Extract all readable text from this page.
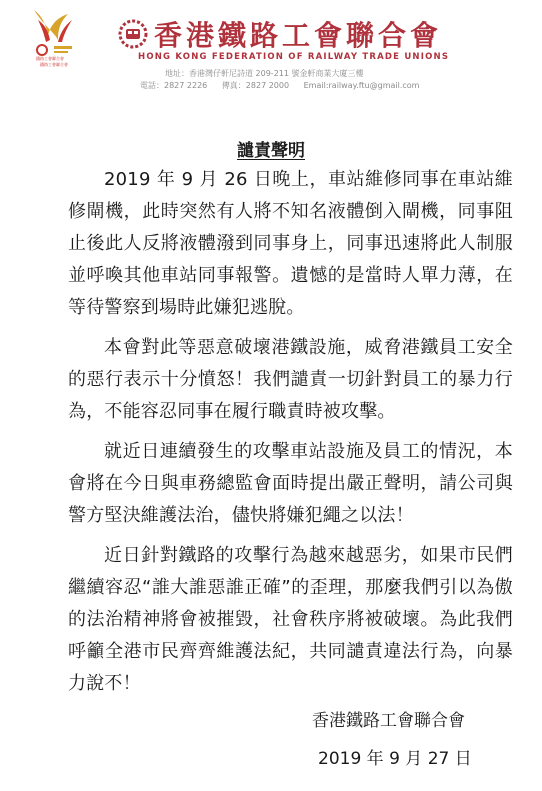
鐵路工會聯合會
鐵路工會聯合會
香港鐵路工會聯合會
HONG KONG FEDERATION OF RAILWAY TRADE UNIONS
地址：香港灣仔軒尼詩道 209-211 號金軒商業大廈三樓
電話：2827 2226 傳真：2827 2000 Email:railway.ftu@gmail.com
譴責聲明

2019 年 9 月 26 日晚上，車站維修同事在車站維修閘機，此時突然有人將不知名液體倒入閘機，同事阻止後此人反將液體潑到同事身上，同事迅速將此人制服並呼喚其他車站同事報警。遺憾的是當時人單力薄，在等待警察到場時此嫌犯逃脫。

本會對此等惡意破壞港鐵設施，威脅港鐵員工安全的惡行表示十分憤怒！我們譴責一切針對員工的暴力行為，不能容忍同事在履行職責時被攻擊。

就近日連續發生的攻擊車站設施及員工的情況，本會將在今日與車務總監會面時提出嚴正聲明，請公司與警方堅決維護法治，儘快將嫌犯繩之以法！

近日針對鐵路的攻擊行為越來越惡劣，如果市民們繼續容忍“誰大誰惡誰正確”的歪理，那麼我們引以為傲的法治精神將會被摧毀，社會秩序將被破壞。為此我們呼籲全港市民齊齊維護法紀，共同譴責違法行為，向暴力說不！

香港鐵路工會聯合會
2019 年 9 月 27 日
